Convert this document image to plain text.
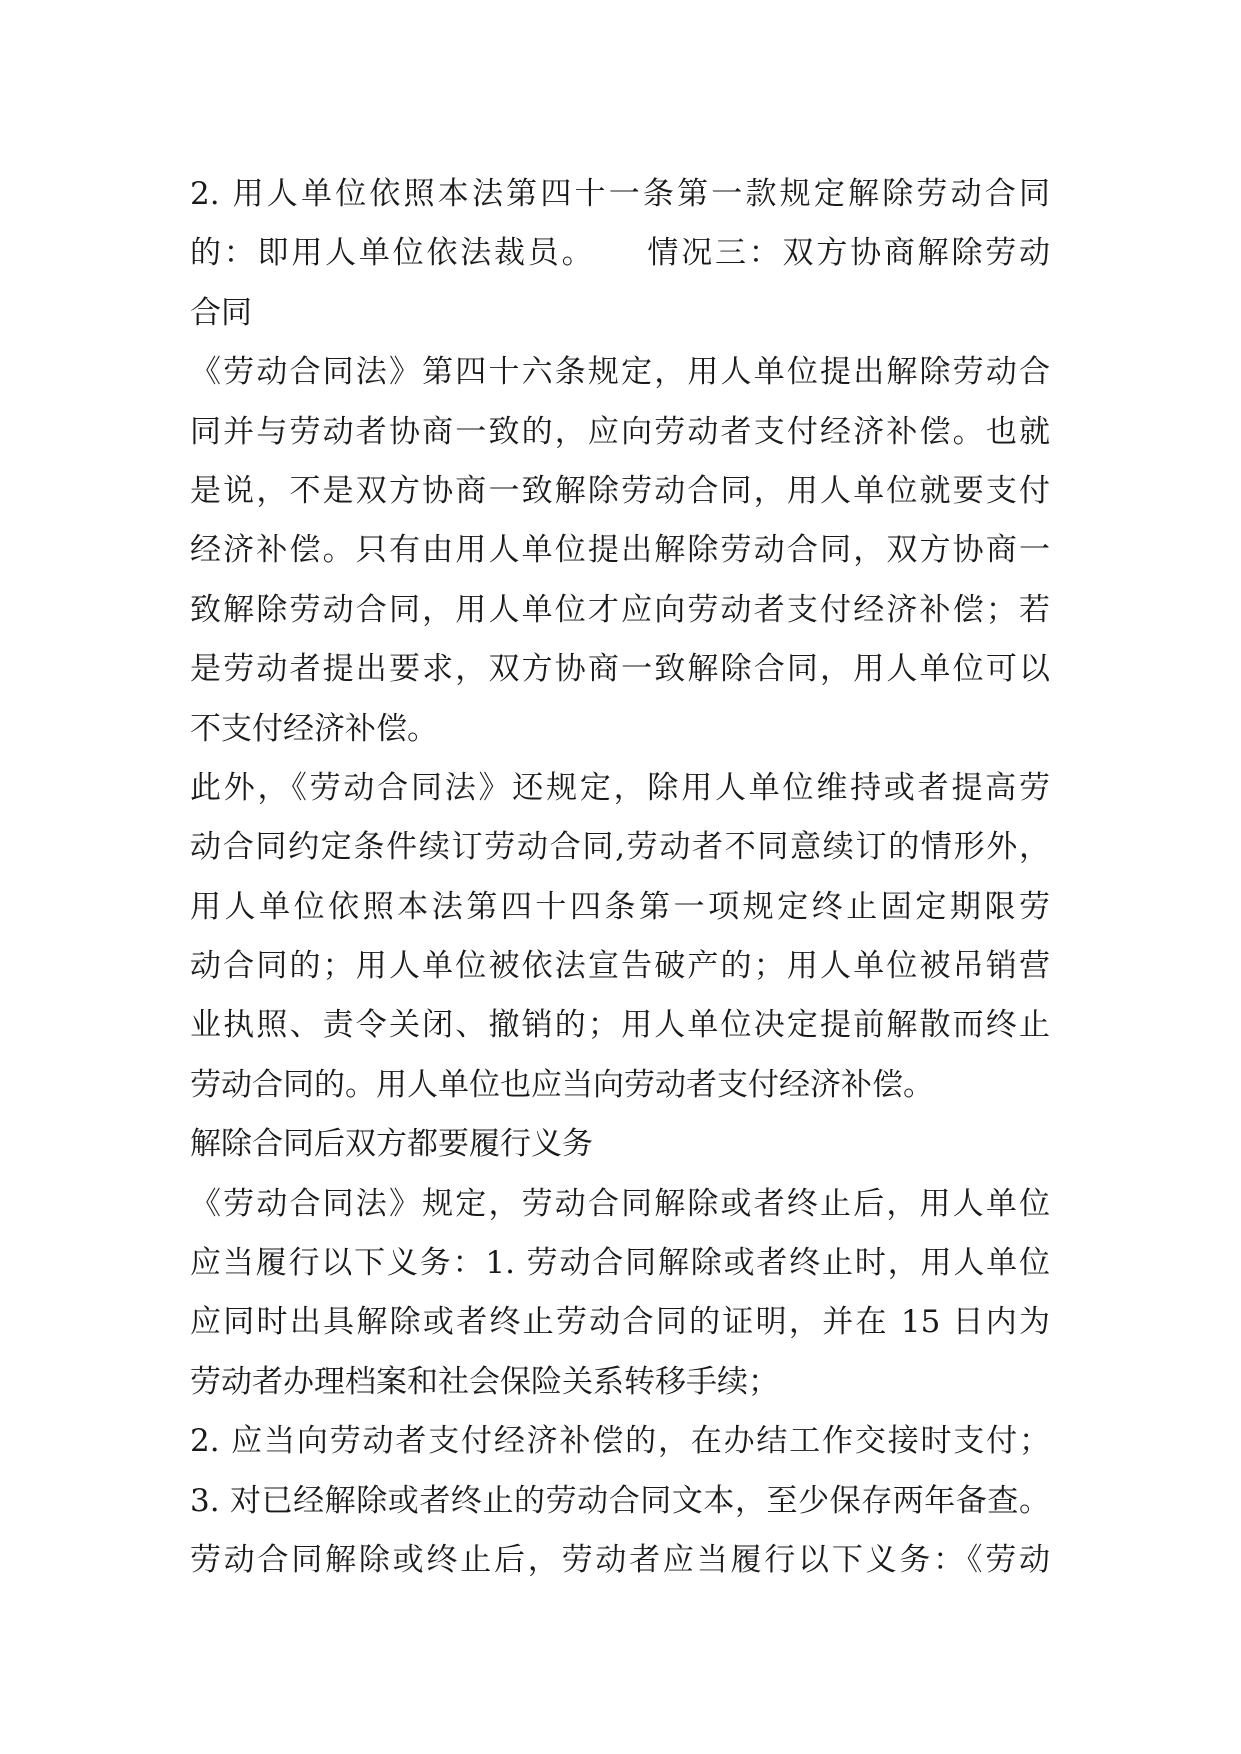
2. 用人单位依照本法第四十一条第一款规定解除劳动合同
的：即用人单位依法裁员。　　情况三：双方协商解除劳动
合同
《劳动合同法》第四十六条规定，用人单位提出解除劳动合
同并与劳动者协商一致的，应向劳动者支付经济补偿。也就
是说，不是双方协商一致解除劳动合同，用人单位就要支付
经济补偿。只有由用人单位提出解除劳动合同，双方协商一
致解除劳动合同，用人单位才应向劳动者支付经济补偿；若
是劳动者提出要求，双方协商一致解除合同，用人单位可以
不支付经济补偿。
此外，《劳动合同法》还规定，除用人单位维持或者提高劳
动合同约定条件续订劳动合同,劳动者不同意续订的情形外，
用人单位依照本法第四十四条第一项规定终止固定期限劳
动合同的；用人单位被依法宣告破产的；用人单位被吊销营
业执照、责令关闭、撤销的；用人单位决定提前解散而终止
劳动合同的。用人单位也应当向劳动者支付经济补偿。
解除合同后双方都要履行义务
《劳动合同法》规定，劳动合同解除或者终止后，用人单位
应当履行以下义务：1. 劳动合同解除或者终止时，用人单位
应同时出具解除或者终止劳动合同的证明，并在 15 日内为
劳动者办理档案和社会保险关系转移手续；
2. 应当向劳动者支付经济补偿的，在办结工作交接时支付；
3. 对已经解除或者终止的劳动合同文本，至少保存两年备查。
劳动合同解除或终止后，劳动者应当履行以下义务：《劳动
